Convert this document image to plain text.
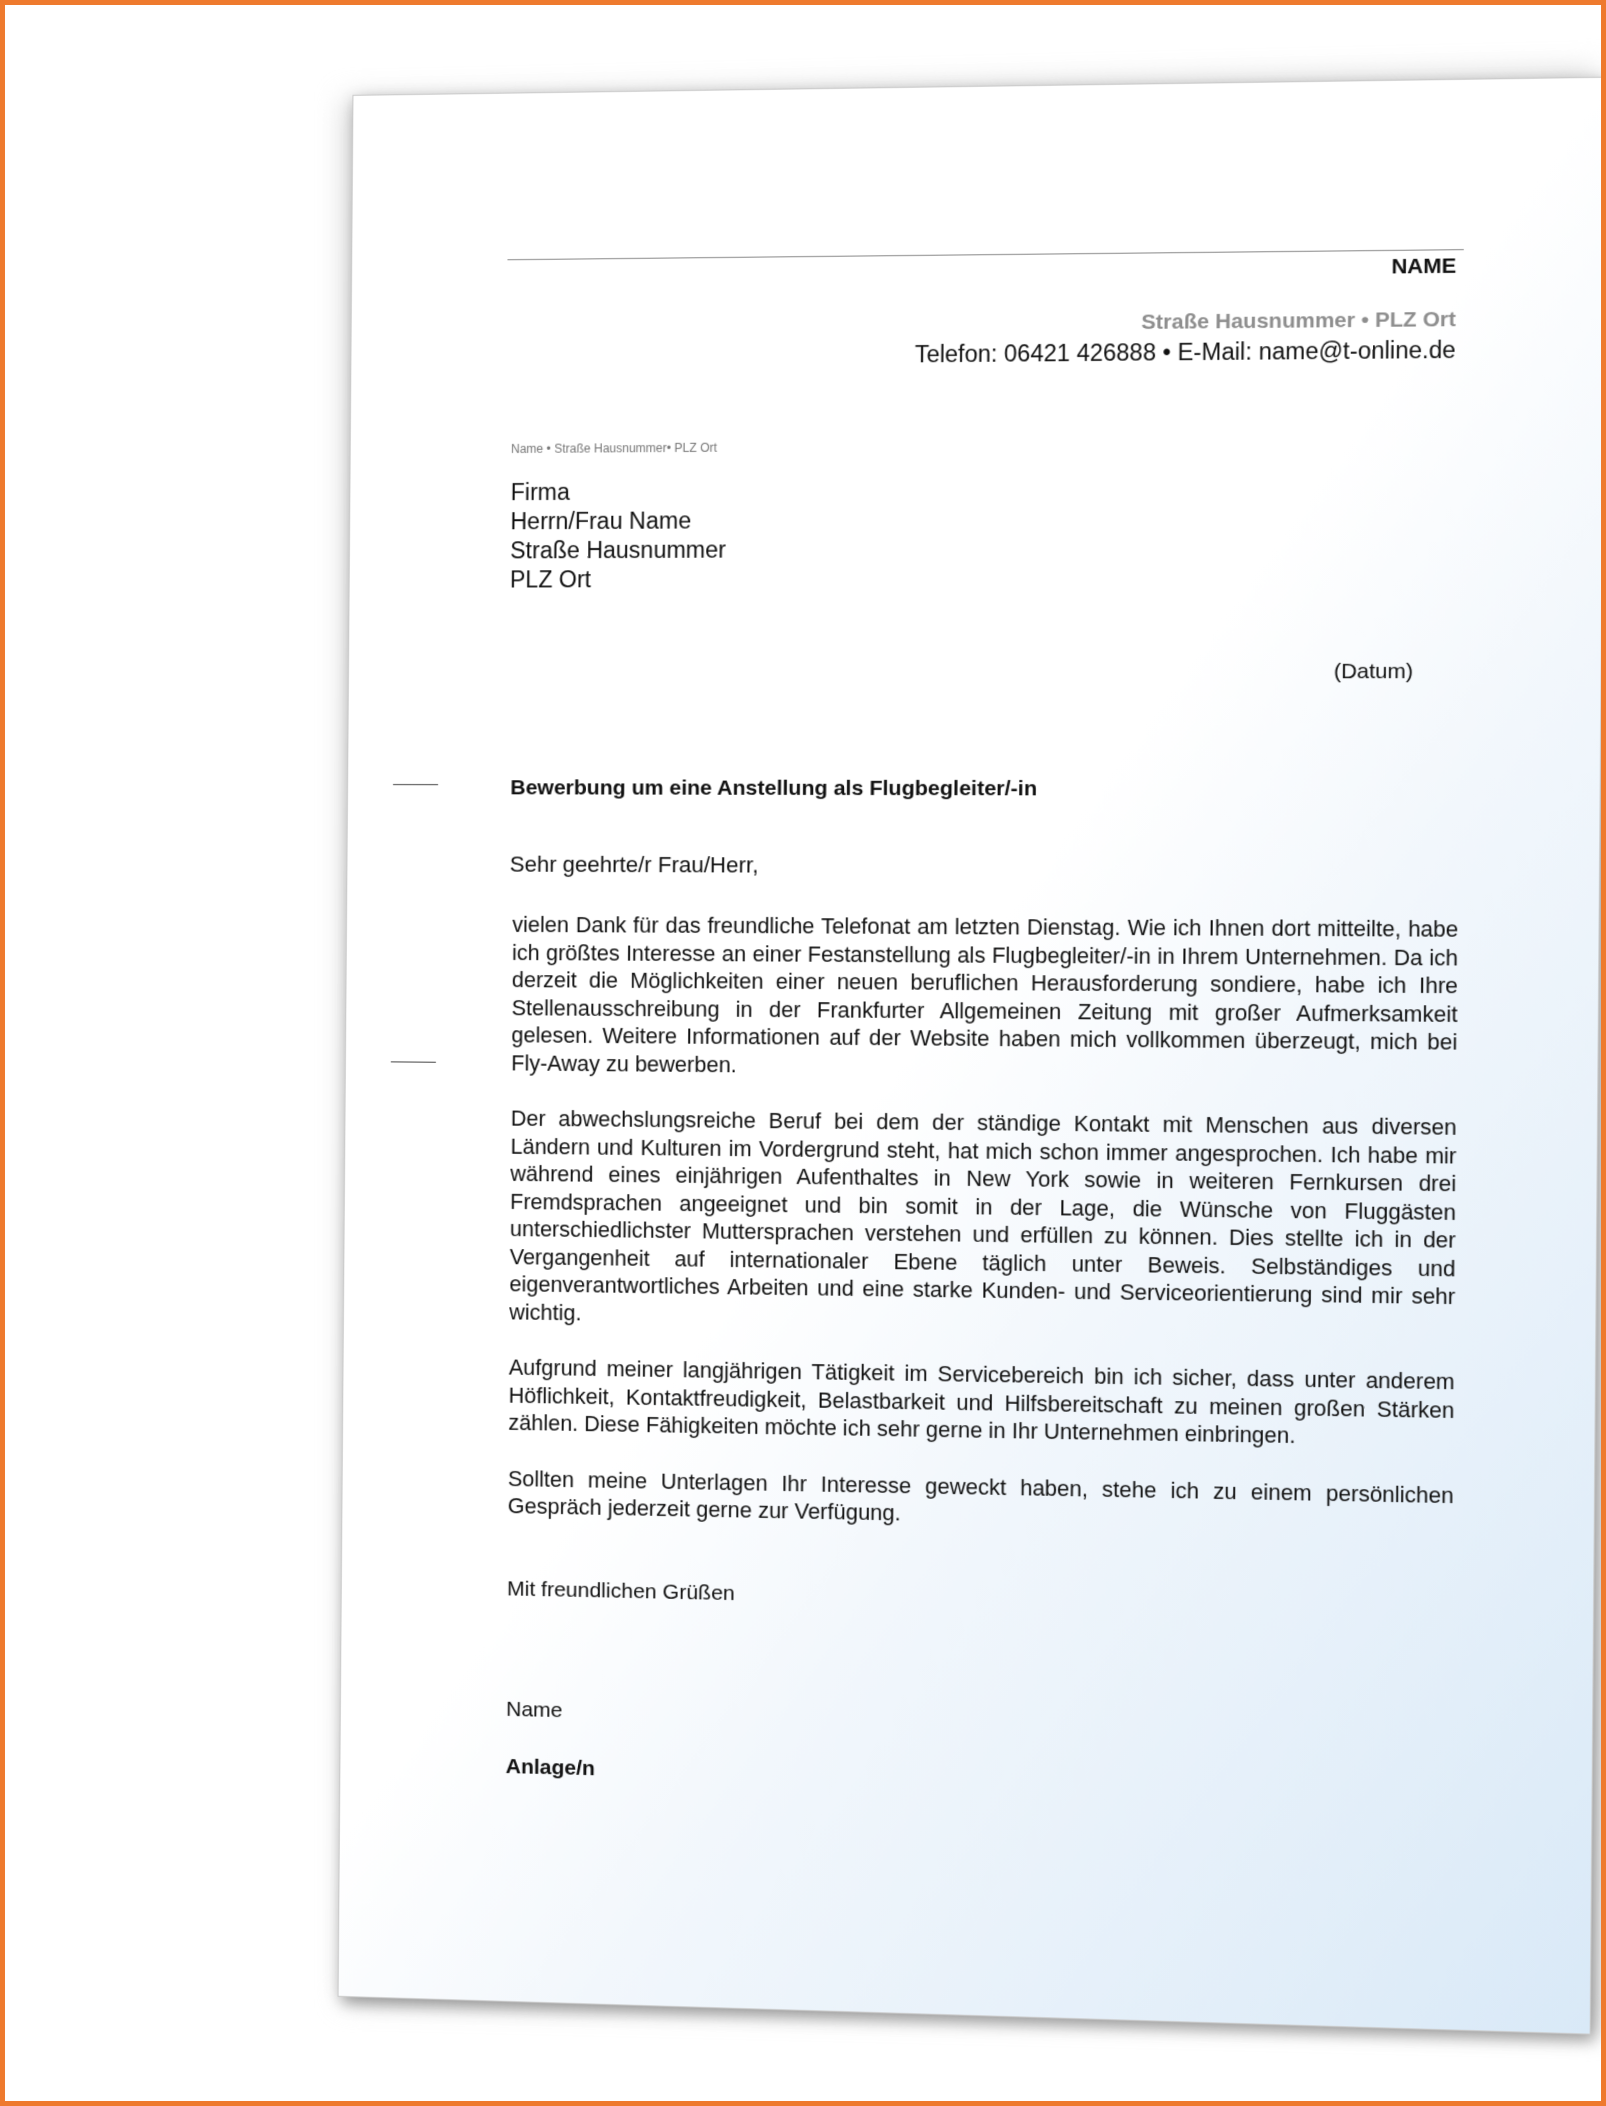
NAME
Straße Hausnummer • PLZ Ort
Telefon: 06421 426888 • E-Mail: name@t-online.de
Name • Straße Hausnummer• PLZ Ort
Firma
Herrn/Frau Name
Straße Hausnummer
PLZ Ort
(Datum)
Bewerbung um eine Anstellung als Flugbegleiter/-in
Sehr geehrte/r Frau/Herr,

vielen Dank für das freundliche Telefonat am letzten Dienstag. Wie ich Ihnen dort mitteilte, habe ich größtes Interesse an einer Festanstellung als Flugbegleiter/-in in Ihrem Unternehmen. Da ich derzeit die Möglichkeiten einer neuen beruflichen Herausforderung sondiere, habe ich Ihre Stellenausschreibung in der Frankfurter Allgemeinen Zeitung mit großer Aufmerksamkeit gelesen. Weitere Informationen auf der Website haben mich vollkommen überzeugt, mich bei Fly-Away zu bewerben.

Der abwechslungsreiche Beruf bei dem der ständige Kontakt mit Menschen aus diversen Ländern und Kulturen im Vordergrund steht, hat mich schon immer angesprochen. Ich habe mir während eines einjährigen Aufenthaltes in New York sowie in weiteren Fernkursen drei Fremdsprachen angeeignet und bin somit in der Lage, die Wünsche von Fluggästen unterschiedlichster Muttersprachen verstehen und erfüllen zu können. Dies stellte ich in der Vergangenheit auf internationaler Ebene täglich unter Beweis. Selbständiges und eigenverantwortliches Arbeiten und eine starke Kunden- und Serviceorientierung sind mir sehr wichtig.

Aufgrund meiner langjährigen Tätigkeit im Servicebereich bin ich sicher, dass unter anderem Höflichkeit, Kontaktfreudigkeit, Belastbarkeit und Hilfsbereitschaft zu meinen großen Stärken zählen. Diese Fähigkeiten möchte ich sehr gerne in Ihr Unternehmen einbringen.

Sollten meine Unterlagen Ihr Interesse geweckt haben, stehe ich zu einem persönlichen Gespräch jederzeit gerne zur Verfügung.

Mit freundlichen Grüßen
Name
Anlage/n
